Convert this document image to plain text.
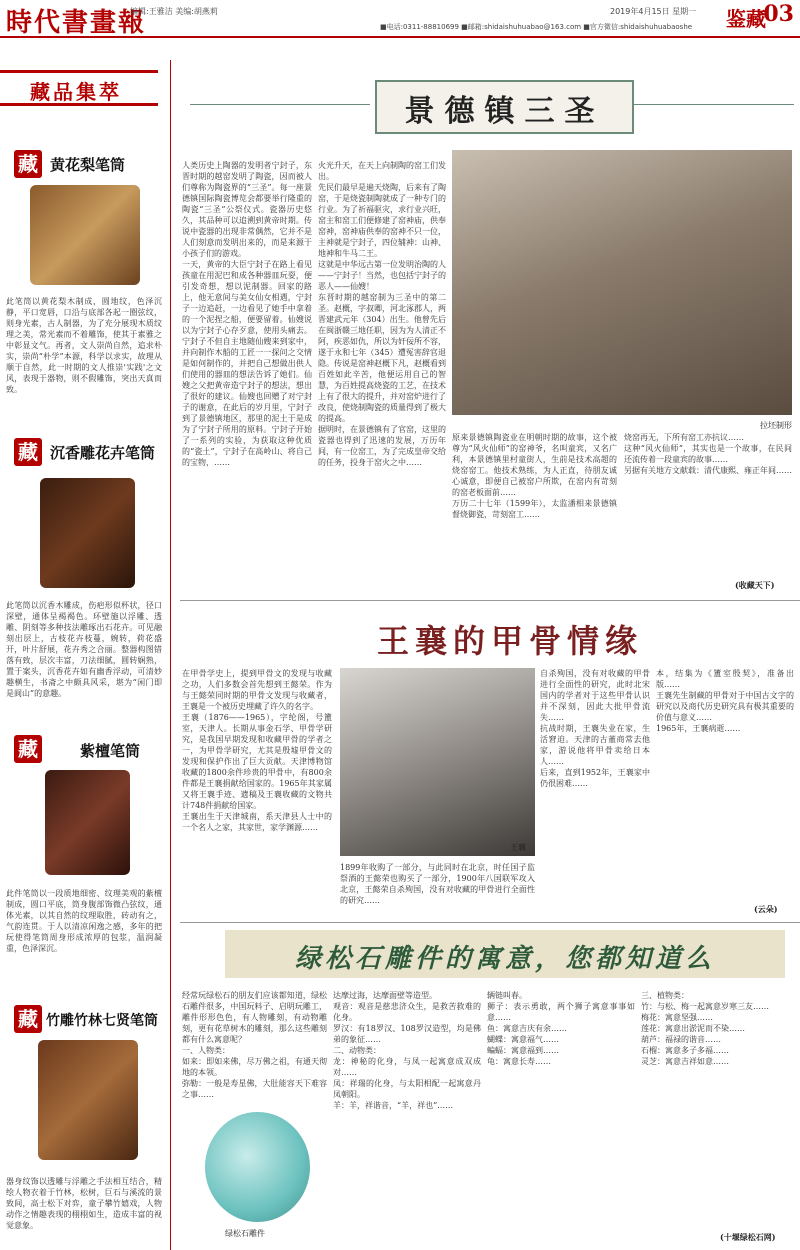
時代書畫報
编辑:王雅洁 美编:胡燕莉	2019年4月15日 星期一
■电话:0311-88810699 ■邮箱:shidaishuhuabao@163.com ■官方微信:shidaishuhuabaoshe 鉴藏
03
藏品集萃
藏 黄花梨笔筒
此笔筒以黄花梨木制成，圆地纹，色泽沉静，平口宽唇，口沿与底部各起一圈弦纹，则身光素，古人制器，为了充分展现木质纹理之美，常光素而不着雕饰，使其于素雅之中彰显文气。再者，文人崇尚自然，追求朴实，崇尚“朴学”本源，科学以求实，故理从顺于自然，此一时期的文人推崇'实践'之文风，表现于器物，则不假雕饰，突出天真而致。
藏 沉香雕花卉笔筒
此笔筒以沉香木雕成，伤疤形似杯状，径口深壁，通体呈褐褐色。环壁施以浮雕、透雕、阴刻等多种技法雕琢出石花卉。可见融刻出层上，古枝花卉枝蔓，婉转，荷花盛开，叶片舒展，花卉秀之合丽。整器构图错落有致，层次丰富，刀法细腻，圆转娴熟，置于案头，沉香花卉如有幽香浮动，可清妙趣横生，书斋之中颇具风采，堪为“闲门即是阆山”的意趣。
藏	紫檀笔筒
此件笔筒以一段质地细密、纹理美观的紫檀制成，圆口平底，筒身腹部饰微凸弦纹，通体光素，以其自然的纹理取胜，砖动有之，气韵连贯。于人以清凉闲逸之感，多年的把玩使得笔筒周身形成浓厚的包浆，温润凝重，色泽深沉。
藏 竹雕竹林七贤笔筒
器身纹饰以透雕与浮雕之手法相互结合，精绘人物衣着于竹林，松树，巨石与溪流的景致间，高士松下对弈，童子攀竹嬉戏，人物动作之情趣表现的栩栩如生，造成丰富的视觉意象。
景德镇三圣
人类历史上陶器的发明者宁封子，东晋时期的越窑发明了陶瓷，因而被人们尊称为陶瓷界的“三圣”。每一座景德镇国际陶瓷博览会都要举行隆重的陶瓷“三圣”公祭仪式。瓷器历史悠久，其品种可以追溯到黄帝时期。传说中瓷器的出现非常偶然，它并不是人们刻意而发明出来的，而是来源于小孩子们的游戏。
一天，黄帝的大臣宁封子在路上看见孩童在用泥巴和成各种器皿玩耍，便引发奇想，想以泥制器。回家的路上，他无意间与美女仙女相遇，宁封子一边追赶，一边看见了她手中拿着的一个泥捏之船，便要留着。仙嫂说以为宁封子心存歹意，使用头痛去。宁封子不但自主地随仙嫂来到家中，并向制作木船的工匠一一探问之交情是如何制作的，并把自己想做出供人们使用的器皿的想法告诉了她们。仙嫂之父把黄帝造宁封子的想法，想出了很好的建议。仙嫂也回赠了对宁封子的谢意，在此后的岁月里，宁封子到了景德镇地区，那里的泥土于是成为了宁封子所用的原料。宁封子开始了一系列的实验，为获取这种优质的“瓷土”，宁封子在高岭山、将自己的宝物，……
火光升天，在天上向制陶的窑工们发出。
先民们最早是遍天烧陶，后来有了陶窑，于是烧瓷制陶就成了一种专门的行业。为了祈福驱灾，求行业兴旺，窑主和窑工们便修建了窑神庙，供奉窑神，窑神庙供奉的窑神不只一位，主神就是宁封子，四位辅神：山神、地神和牛马二王。
这就是中华远古第一位发明治陶的人——宁封子！当然，也包括宁封子的恶人——仙嫂！
东晋时期的越窑制为三圣中的第二圣。赵概，字叔卿，河北涿郡人，两晋建武元年（304）出生。他曾先后在闽浙赣三地任职，因为为人清正不阿，疾恶如仇，所以为奸佞所不容，遂于永和七年（345）遭冤害辞官退隐。传说是窑神赵概下凡，赵概看到百姓如此辛苦，他便运用自己的智慧，为百姓提高烧瓷的工艺，在技术上有了很大的提升，并对窑炉进行了改良，使烧制陶瓷的质量得到了极大的提高。
据明时，在景德镇有了官窑，这里的瓷器也得到了迅速的发展，万历年间，有一位窑工，为了完成皇帝交给的任务，投身于窑火之中……
拉坯制形
原来景德镇陶瓷业在明朝时期的故事，这个被尊为“风火仙师”的窑神爷，名叫童宾，又名广利，本景德镇里村童街人，生前是技术高超的烧窑窑工。他技术熟练，为人正直，待朋友诚心诚意，即便自己被窑户所欺，在窑内有苛刻的窑老板面前……
万历二十七年（1599年），太监潘相来景德镇督烧御瓷，苛刻窑工……
烧窑再无，下所有窑工亦抗议……
这种“风火仙师”，其实也是一个故事，在民间还流传着一段童宾的故事……
另据有关地方文献载：清代康熙、雍正年间……
(收藏天下)
王襄的甲骨情缘
在甲骨学史上，提到甲骨文的发现与收藏之功，人们多数会首先想到王懿荣。作为与王懿荣同时期的甲骨文发现与收藏者，王襄是一个被历史埋藏了许久的名字。
王襄（1876——1965），字纶阁，号簠室，天津人。长期从事金石学、甲骨学研究，是我国早期发现和收藏甲骨的学者之一，为甲骨学研究，尤其是殷墟甲骨文的发现和保护作出了巨大贡献。天津博物馆收藏的1800余件珍贵的甲骨中，有800余件都是王襄捐献给国家的。1965年其家属又将王襄手迹、遗稿及王襄收藏的文物共计748件捐献给国家。
王襄出生于天津城南，系天津县人士中的一个名人之家，其家世，家学渊源……
王襄
1899年收购了一部分，与此同时在北京，时任国子监祭酒的王懿荣也购买了一部分，1900年八国联军攻入北京，王懿荣自杀殉国，没有对收藏的甲骨进行全面性的研究……
自杀殉国，没有对收藏的甲骨进行全面性的研究，此时北宋国内的学者对于这些甲骨认识并不深刻，因此大批甲骨流失……
抗战时期，王襄失业在家，生活窘迫。天津的古董商常去他家，游说他将甲骨卖给日本人……
后来，直到1952年，王襄家中仍很困难……
本，结集为《簠室殷契》，准备出版……
王襄先生制藏的甲骨对于中国古文字的研究以及商代历史研究具有极其重要的价值与意义……
1965年，王襄病逝……
(云朵)
绿松石雕件的寓意，您都知道么
经常玩绿松石的朋友们应该都知道，绿松石雕件很多，中国玩料子、启明玩雕工，雕件形形色色，有人物雕刻，有动物雕刻，更有花草树木的雕刻，那么这些雕刻都有什么寓意呢？
一、人物类：
如来：即如来佛，尽万佛之祖，有通天彻地的本领。
弥勒：一般是寿星佛，大肚能容天下难容之事……
绿松石雕件
达摩过海，达摩面壁等造型。
观音：观音是慈悲济众生，是救苦救难的化身。
罗汉：有18罗汉、108罗汉造型，均是佛弟的象征……
二、动物类：
龙：神秘的化身，与凤一起寓意成双成对……
凤：祥瑞的化身，与太阳相配一起寓意丹凤朝阳。
羊：羊，祥谐音，“羊，祥也”……
辆链叫春。
狮子：表示勇敢，两个狮子寓意事事如意……
鱼：寓意吉庆有余……
蝴蝶：寓意福气……
蝙蝠：寓意福到……
龟：寓意长寿……
三、植物类：
竹：与松、梅一起寓意岁寒三友……
梅花：寓意坚强……
莲花：寓意出淤泥而不染……
葫芦：福禄的谐音……
石榴：寓意多子多福……
灵芝：寓意吉祥如意……
(十堰绿松石网)
